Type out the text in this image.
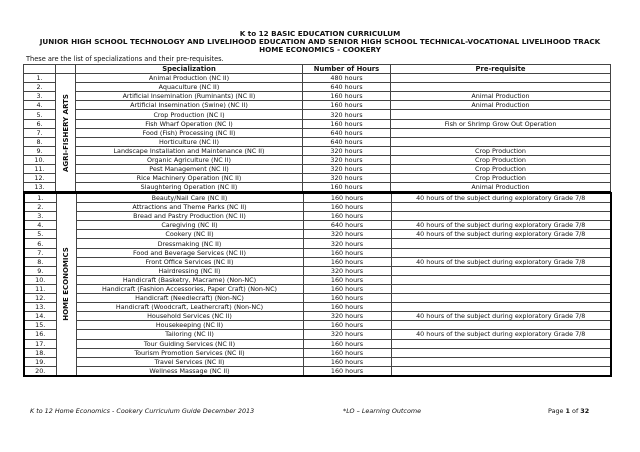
K to 12 BASIC EDUCATION CURRICULUM
JUNIOR HIGH SCHOOL TECHNOLOGY AND LIVELIHOOD EDUCATION AND SENIOR HIGH SCHOOL TECHNICAL-VOCATIONAL LIVELIHOOD TRACK
HOME ECONOMICS - COOKERY
These are the list of specializations and their pre-requisites.
		Specialization	Number of Hours	Pre-requisite
1.	AGRI-FISHERY ARTS	Animal Production (NC II)	480 hours	
2.		Aquaculture (NC II)	640 hours	
3.		Artificial Insemination (Ruminants) (NC II)	160 hours	Animal Production
4.		Artificial Insemination (Swine) (NC II)	160 hours	Animal Production
5.		Crop Production (NC I)	320 hours	
6.		Fish Wharf Operation (NC I)	160 hours	Fish or Shrimp Grow Out Operation
7.		Food (Fish) Processing (NC II)	640 hours	
8.		Horticulture (NC II)	640 hours	
9.		Landscape Installation and Maintenance (NC II)	320 hours	Crop Production
10.		Organic Agriculture (NC II)	320 hours	Crop Production
11.		Pest Management (NC II)	320 hours	Crop Production
12.		Rice Machinery Operation (NC II)	320 hours	Crop Production
13.		Slaughtering Operation (NC II)	160 hours	Animal Production
1.	HOME ECONOMICS	Beauty/Nail Care (NC II)	160 hours	40 hours of the subject during exploratory Grade 7/8
2.		Attractions and Theme Parks (NC II)	160 hours	
3.		Bread and Pastry Production (NC II)	160 hours	
4.		Caregiving (NC II)	640 hours	40 hours of the subject during exploratory Grade 7/8
5.		Cookery (NC II)	320 hours	40 hours of the subject during exploratory Grade 7/8
6.		Dressmaking (NC II)	320 hours	
7.		Food and Beverage Services (NC II)	160 hours	
8.		Front Office Services (NC II)	160 hours	40 hours of the subject during exploratory Grade 7/8
9.		Hairdressing (NC II)	320 hours	
10.		Handicraft (Basketry, Macrame) (Non-NC)	160 hours	
11.		Handicraft (Fashion Accessories, Paper Craft) (Non-NC)	160 hours	
12.		Handicraft (Needlecraft) (Non-NC)	160 hours	
13.		Handicraft (Woodcraft, Leathercraft) (Non-NC)	160 hours	
14.		Household Services (NC II)	320 hours	40 hours of the subject during exploratory Grade 7/8
15.		Housekeeping (NC II)	160 hours	
16.		Tailoring (NC II)	320 hours	40 hours of the subject during exploratory Grade 7/8
17.		Tour Guiding Services (NC II)	160 hours	
18.		Tourism Promotion Services (NC II)	160 hours	
19.		Travel Services (NC II)	160 hours	
20.		Wellness Massage (NC II)	160 hours	
K to 12 Home Economics - Cookery Curriculum Guide December 2013	*LO – Learning Outcome	Page 1 of 32
